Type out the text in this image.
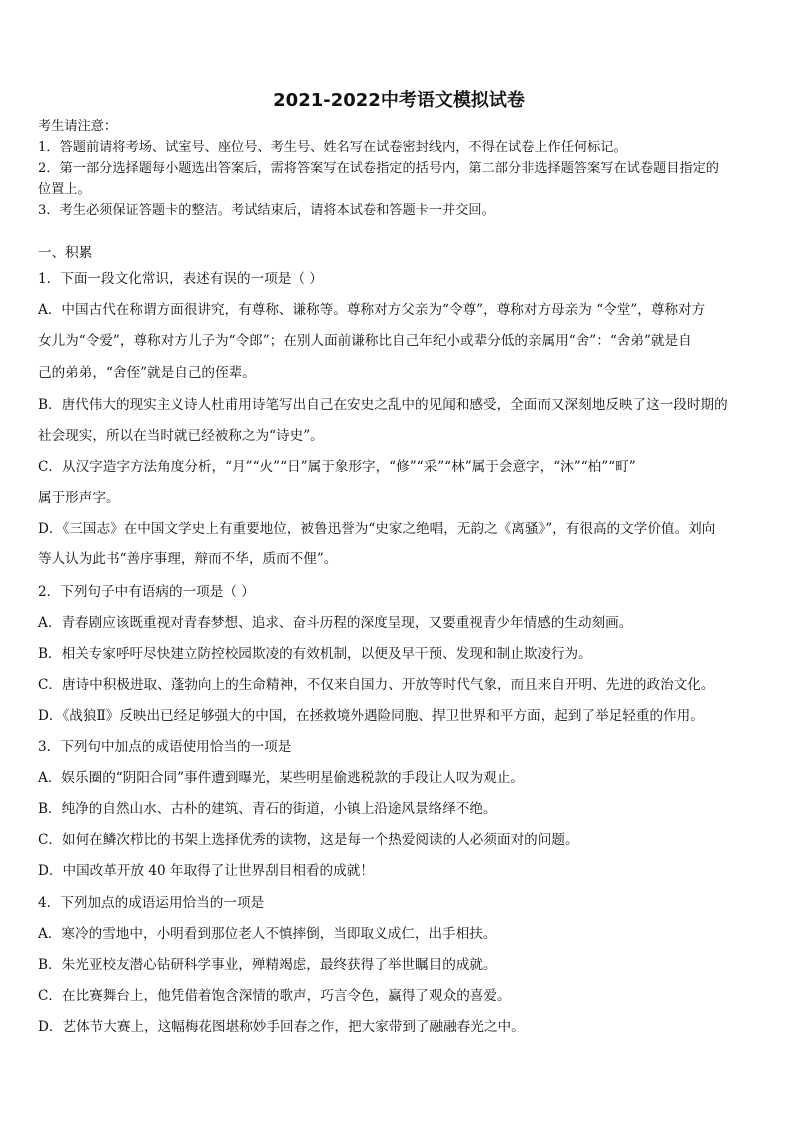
2021-2022中考语文模拟试卷
考生请注意：
1．答题前请将考场、试室号、座位号、考生号、姓名写在试卷密封线内，不得在试卷上作任何标记。
2．第一部分选择题每小题选出答案后，需将答案写在试卷指定的括号内，第二部分非选择题答案写在试卷题目指定的
位置上。
3．考生必须保证答题卡的整洁。考试结束后，请将本试卷和答题卡一并交回。
一、积累
1．下面一段文化常识，表述有误的一项是（ ）
A．中国古代在称谓方面很讲究，有尊称、谦称等。尊称对方父亲为“令尊”，尊称对方母亲为 “令堂”，尊称对方
女儿为“令爱”，尊称对方儿子为“令郎”；在别人面前谦称比自己年纪小或辈分低的亲属用“舍”：“舍弟”就是自
己的弟弟，“舍侄”就是自己的侄辈。
B．唐代伟大的现实主义诗人杜甫用诗笔写出自己在安史之乱中的见闻和感受，全面而又深刻地反映了这一段时期的
社会现实，所以在当时就已经被称之为“诗史”。
C．从汉字造字方法角度分析，“月”“火”“日”属于象形字，“修”“采”“林”属于会意字，“沐”“柏”“町”
属于形声字。
D．《三国志》在中国文学史上有重要地位，被鲁迅誉为“史家之绝唱，无韵之《离骚》”，有很高的文学价值。刘向
等人认为此书“善序事理，辩而不华，质而不俚”。
2．下列句子中有语病的一项是（ ）
A．青春剧应该既重视对青春梦想、追求、奋斗历程的深度呈现，又要重视青少年情感的生动刻画。
B．相关专家呼吁尽快建立防控校园欺凌的有效机制，以便及早干预、发现和制止欺凌行为。
C．唐诗中积极进取、蓬勃向上的生命精神，不仅来自国力、开放等时代气象，而且来自开明、先进的政治文化。
D．《战狼Ⅱ》反映出已经足够强大的中国，在拯救境外遇险同胞、捍卫世界和平方面，起到了举足轻重的作用。
3．下列句中加点的成语使用恰当的一项是
A．娱乐圈的“阴阳合同”事件遭到曝光，某些明星偷逃税款的手段让人叹为观止。
B．纯净的自然山水、古朴的建筑、青石的街道，小镇上沿途风景络绎不绝。
C．如何在鳞次栉比的书架上选择优秀的读物，这是每一个热爱阅读的人必须面对的问题。
D．中国改革开放 40 年取得了让世界刮目相看的成就！
4．下列加点的成语运用恰当的一项是
A．寒冷的雪地中，小明看到那位老人不慎摔倒，当即取义成仁，出手相扶。
B．朱光亚校友潜心钻研科学事业，殚精竭虑，最终获得了举世瞩目的成就。
C．在比赛舞台上，他凭借着饱含深情的歌声，巧言令色，赢得了观众的喜爱。
D．艺体节大赛上，这幅梅花图堪称妙手回春之作，把大家带到了融融春光之中。
